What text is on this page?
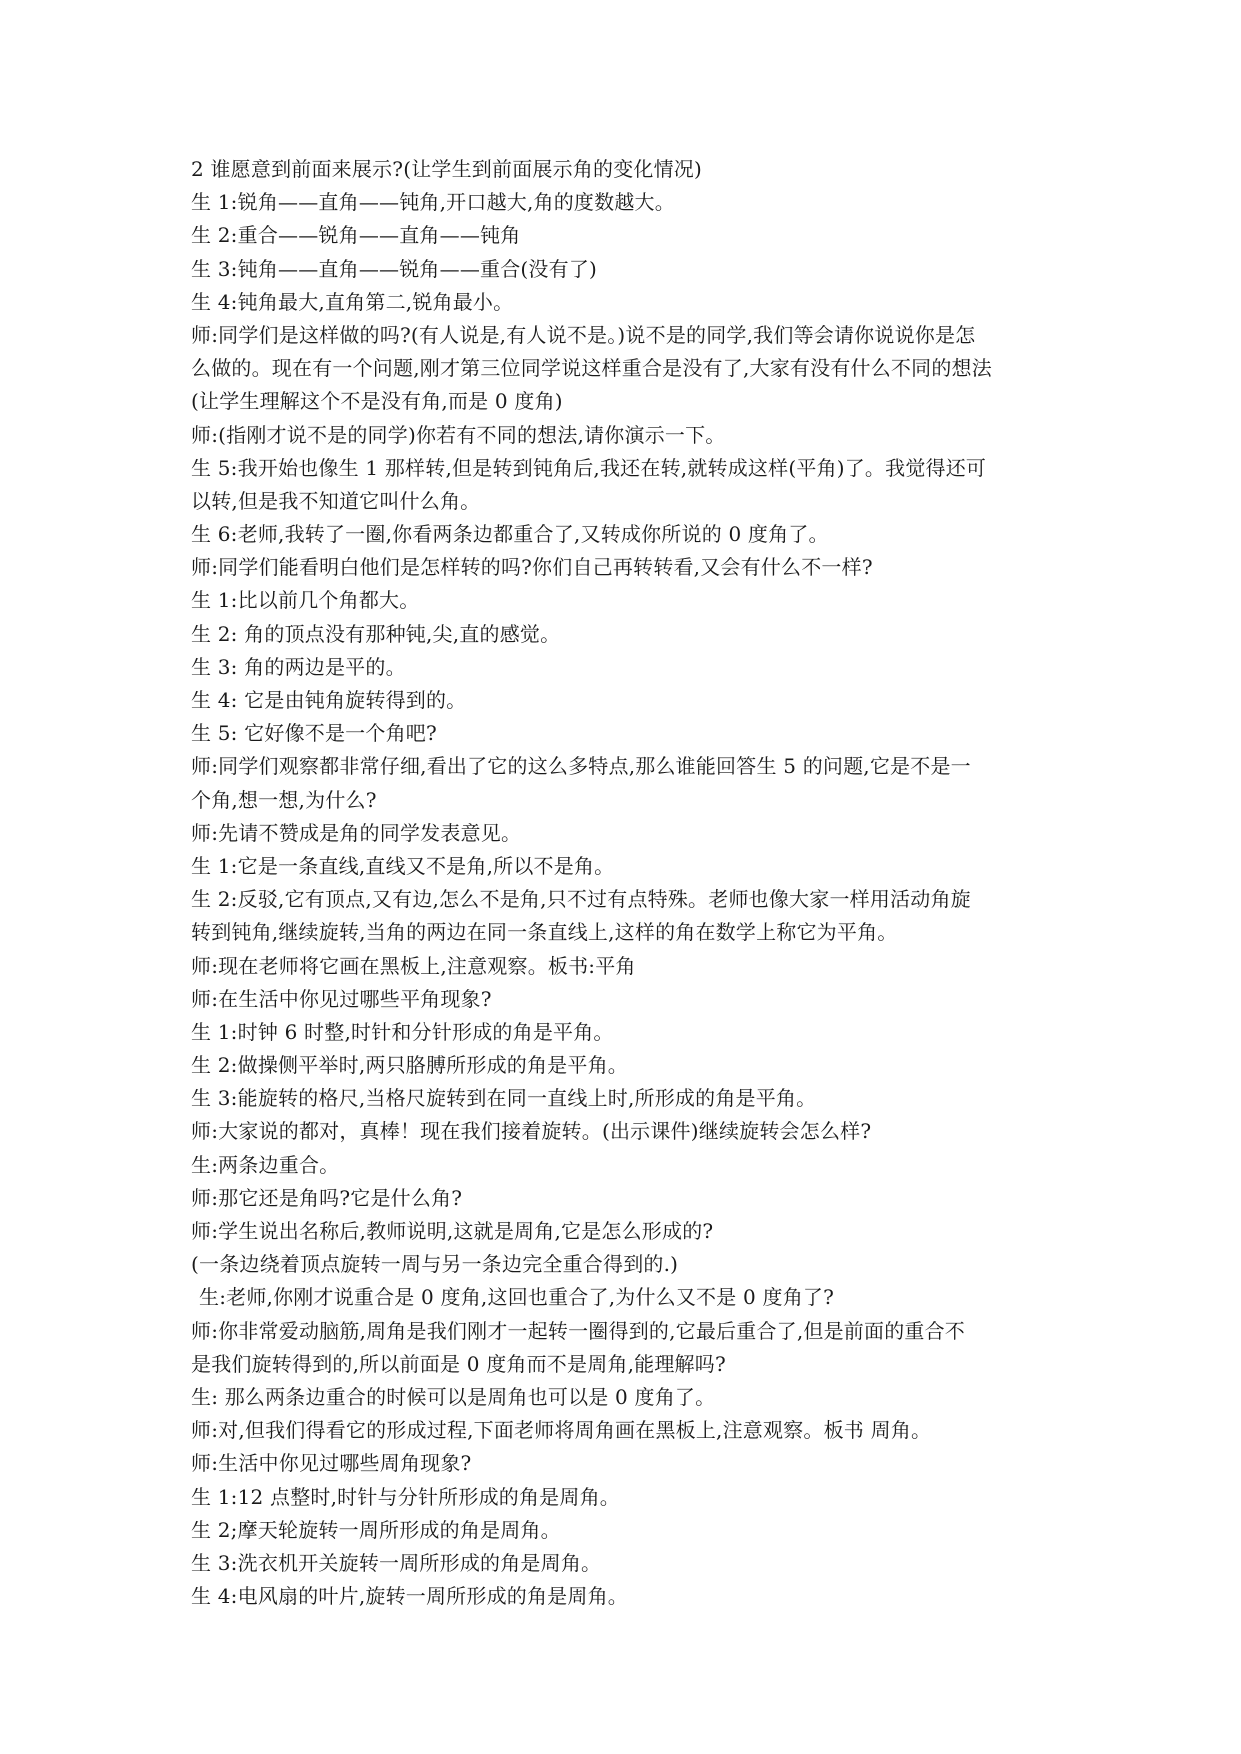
2 谁愿意到前面来展示?(让学生到前面展示角的变化情况)
生 1:锐角——直角——钝角,开口越大,角的度数越大。
生 2:重合——锐角——直角——钝角
生 3:钝角——直角——锐角——重合(没有了)
生 4:钝角最大,直角第二,锐角最小。
师:同学们是这样做的吗?(有人说是,有人说不是。)说不是的同学,我们等会请你说说你是怎
么做的。现在有一个问题,刚才第三位同学说这样重合是没有了,大家有没有什么不同的想法
(让学生理解这个不是没有角,而是 0 度角)
师:(指刚才说不是的同学)你若有不同的想法,请你演示一下。
生 5:我开始也像生 1 那样转,但是转到钝角后,我还在转,就转成这样(平角)了。我觉得还可
以转,但是我不知道它叫什么角。
生 6:老师,我转了一圈,你看两条边都重合了,又转成你所说的 0 度角了。
师:同学们能看明白他们是怎样转的吗?你们自己再转转看,又会有什么不一样?
生 1:比以前几个角都大。
生 2: 角的顶点没有那种钝,尖,直的感觉。
生 3: 角的两边是平的。
生 4: 它是由钝角旋转得到的。
生 5: 它好像不是一个角吧?
师:同学们观察都非常仔细,看出了它的这么多特点,那么谁能回答生 5 的问题,它是不是一
个角,想一想,为什么?
师:先请不赞成是角的同学发表意见。
生 1:它是一条直线,直线又不是角,所以不是角。
生 2:反驳,它有顶点,又有边,怎么不是角,只不过有点特殊。老师也像大家一样用活动角旋
转到钝角,继续旋转,当角的两边在同一条直线上,这样的角在数学上称它为平角。
师:现在老师将它画在黑板上,注意观察。板书:平角
师:在生活中你见过哪些平角现象?
生 1:时钟 6 时整,时针和分针形成的角是平角。
生 2:做操侧平举时,两只胳膊所形成的角是平角。
生 3:能旋转的格尺,当格尺旋转到在同一直线上时,所形成的角是平角。
师:大家说的都对，真棒！现在我们接着旋转。(出示课件)继续旋转会怎么样?
生:两条边重合。
师:那它还是角吗?它是什么角?
师:学生说出名称后,教师说明,这就是周角,它是怎么形成的?
(一条边绕着顶点旋转一周与另一条边完全重合得到的.)
生:老师,你刚才说重合是 0 度角,这回也重合了,为什么又不是 0 度角了?
师:你非常爱动脑筋,周角是我们刚才一起转一圈得到的,它最后重合了,但是前面的重合不
是我们旋转得到的,所以前面是 0 度角而不是周角,能理解吗?
生: 那么两条边重合的时候可以是周角也可以是 0 度角了。
师:对,但我们得看它的形成过程,下面老师将周角画在黑板上,注意观察。板书 周角。
师:生活中你见过哪些周角现象?
生 1:12 点整时,时针与分针所形成的角是周角。
生 2;摩天轮旋转一周所形成的角是周角。
生 3:洗衣机开关旋转一周所形成的角是周角。
生 4:电风扇的叶片,旋转一周所形成的角是周角。
